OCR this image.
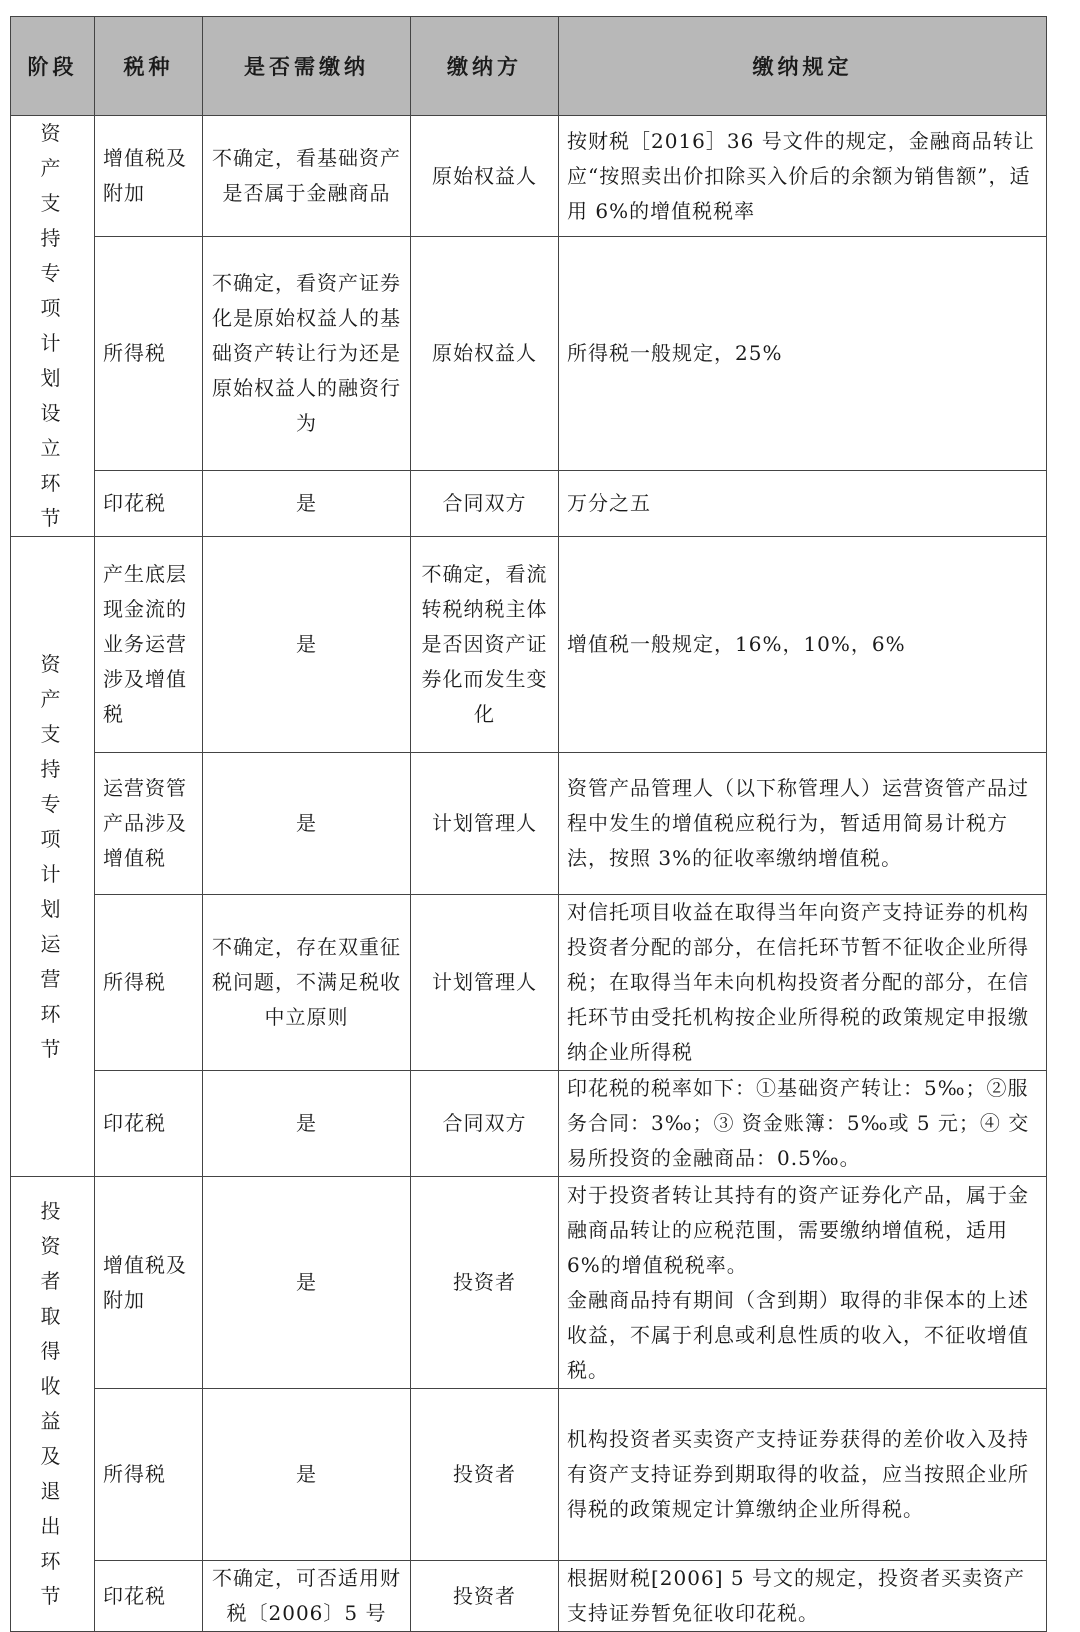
阶段	税种	是否需缴纳	缴纳方	缴纳规定
资产支持专项计划设立环节	增值税及附加	不确定，看基础资产是否属于金融商品	原始权益人	按财税［2016］36 号文件的规定，金融商品转让应“按照卖出价扣除买入价后的余额为销售额”，适用 6%的增值税税率

	所得税	不确定，看资产证券化是原始权益人的基础资产转让行为还是原始权益人的融资行为	原始权益人	所得税一般规定，25%

	印花税	是	合同双方	万分之五

资产支持专项计划运营环节	产生底层现金流的业务运营涉及增值税	是	不确定，看流转税纳税主体是否因资产证券化而发生变化	增值税一般规定，16%，10%，6%

	运营资管产品涉及增值税	是	计划管理人	资管产品管理人（以下称管理人）运营资管产品过程中发生的增值税应税行为，暂适用简易计税方法，按照 3%的征收率缴纳增值税。

	所得税	不确定，存在双重征税问题，不满足税收中立原则	计划管理人	对信托项目收益在取得当年向资产支持证券的机构投资者分配的部分，在信托环节暂不征收企业所得税；在取得当年未向机构投资者分配的部分，在信托环节由受托机构按企业所得税的政策规定申报缴纳企业所得税

	印花税	是	合同双方	印花税的税率如下：①基础资产转让：5‰；②服务合同：3‰；③ 资金账簿：5‰或 5 元；④ 交易所投资的金融商品：0.5‰。

投资者取得收益及退出环节	增值税及附加	是	投资者	对于投资者转让其持有的资产证券化产品，属于金融商品转让的应税范围，需要缴纳增值税，适用 6%的增值税税率。
金融商品持有期间（含到期）取得的非保本的上述收益，不属于利息或利息性质的收入，不征收增值税。

	所得税	是	投资者	机构投资者买卖资产支持证券获得的差价收入及持有资产支持证券到期取得的收益，应当按照企业所得税的政策规定计算缴纳企业所得税。

	印花税	不确定，可否适用财税〔2006〕5 号	投资者	根据财税[2006] 5 号文的规定，投资者买卖资产支持证券暂免征收印花税。
